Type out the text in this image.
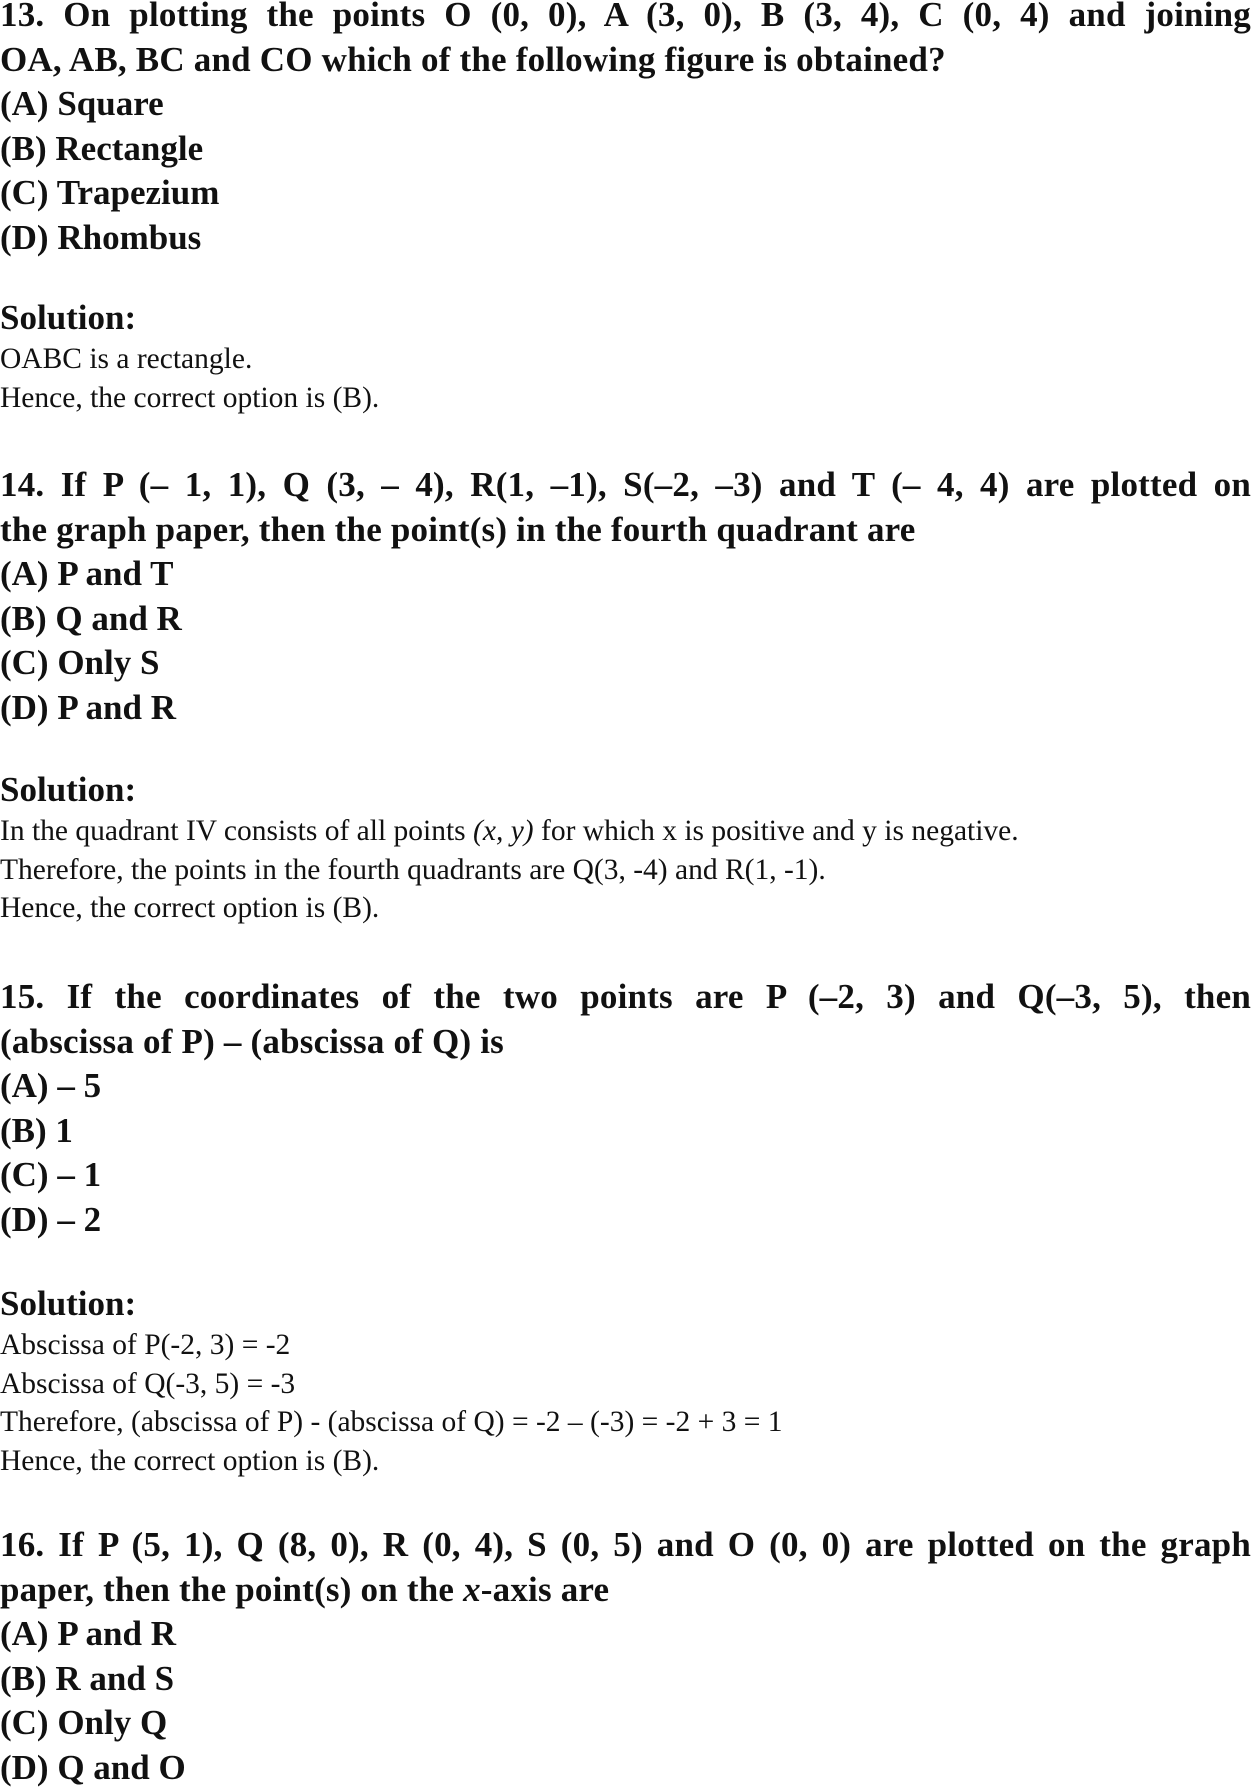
13. On plotting the points O (0, 0), A (3, 0), B (3, 4), C (0, 4) and joining
OA, AB, BC and CO which of the following figure is obtained?

(A) Square

(B) Rectangle

(C) Trapezium

(D) Rhombus

Solution:

OABC is a rectangle.

Hence, the correct option is (B).

14. If P (– 1, 1), Q (3, – 4), R(1, –1), S(–2, –3) and T (– 4, 4) are plotted on
the graph paper, then the point(s) in the fourth quadrant are

(A) P and T

(B) Q and R

(C) Only S

(D) P and R

Solution:

In the quadrant IV consists of all points (x, y) for which x is positive and y is negative.

Therefore, the points in the fourth quadrants are Q(3, -4) and R(1, -1).

Hence, the correct option is (B).

15. If the coordinates of the two points are P (–2, 3) and Q(–3, 5), then
(abscissa of P) – (abscissa of Q) is

(A) – 5

(B) 1

(C) – 1

(D) – 2

Solution:

Abscissa of P(-2, 3) = -2

Abscissa of Q(-3, 5) = -3

Therefore, (abscissa of P) - (abscissa of Q) = -2 – (-3) = -2 + 3 = 1

Hence, the correct option is (B).

16. If P (5, 1), Q (8, 0), R (0, 4), S (0, 5) and O (0, 0) are plotted on the graph
paper, then the point(s) on the x-axis are

(A) P and R

(B) R and S

(C) Only Q

(D) Q and O
